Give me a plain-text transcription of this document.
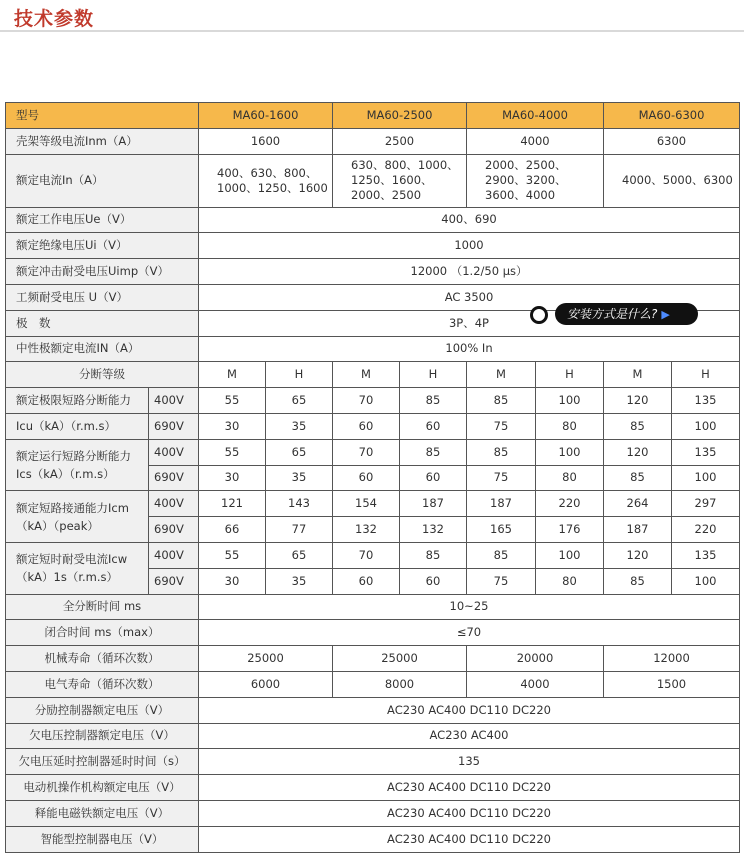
技术参数
型号		MA60-1600		MA60-2500		MA60-4000		MA60-6300	
壳架等级电流Inm（A）		1600		2500		4000		6300	
额定电流In（A）		400、630、800、1000、1250、1600		630、800、1000、1250、1600、2000、2500		2000、2500、2900、3200、3600、4000		4000、5000、6300	
额定工作电压Ue（V）		400、690							
额定绝缘电压Ui（V）		1000							
额定冲击耐受电压Uimp（V）		12000 （1.2/50 μs）							
工频耐受电压 U（V）		AC 3500							
极　数		3P、4P							
中性极额定电流IN（A）		100% In							
分断等级		M	H	M	H	M	H	M	H
额定极限短路分断能力	400V	55	65	70	85	85	100	120	135
Icu（kA）（r.m.s）	690V	30	35	60	60	75	80	85	100
额定运行短路分断能力Ics（kA）（r.m.s）	400V	55	65	70	85	85	100	120	135
	690V	30	35	60	60	75	80	85	100
额定短路接通能力Icm（kA）（peak）	400V	121	143	154	187	187	220	264	297
	690V	66	77	132	132	165	176	187	220
额定短时耐受电流Icw（kA）1s（r.m.s）	400V	55	65	70	85	85	100	120	135
	690V	30	35	60	60	75	80	85	100
全分断时间 ms		10~25							
闭合时间 ms（max）		≤70							
机械寿命（循环次数）		25000		25000		20000		12000	
电气寿命（循环次数）		6000		8000		4000		1500	
分励控制器额定电压（V）		AC230 AC400 DC110 DC220							
欠电压控制器额定电压（V）		AC230 AC400							
欠电压延时控制器延时时间（s）		135							
电动机操作机构额定电压（V）		AC230 AC400 DC110 DC220							
释能电磁铁额定电压（V）		AC230 AC400 DC110 DC220							
智能型控制器电压（V）		AC230 AC400 DC110 DC220							
安装方式是什么? ▶
